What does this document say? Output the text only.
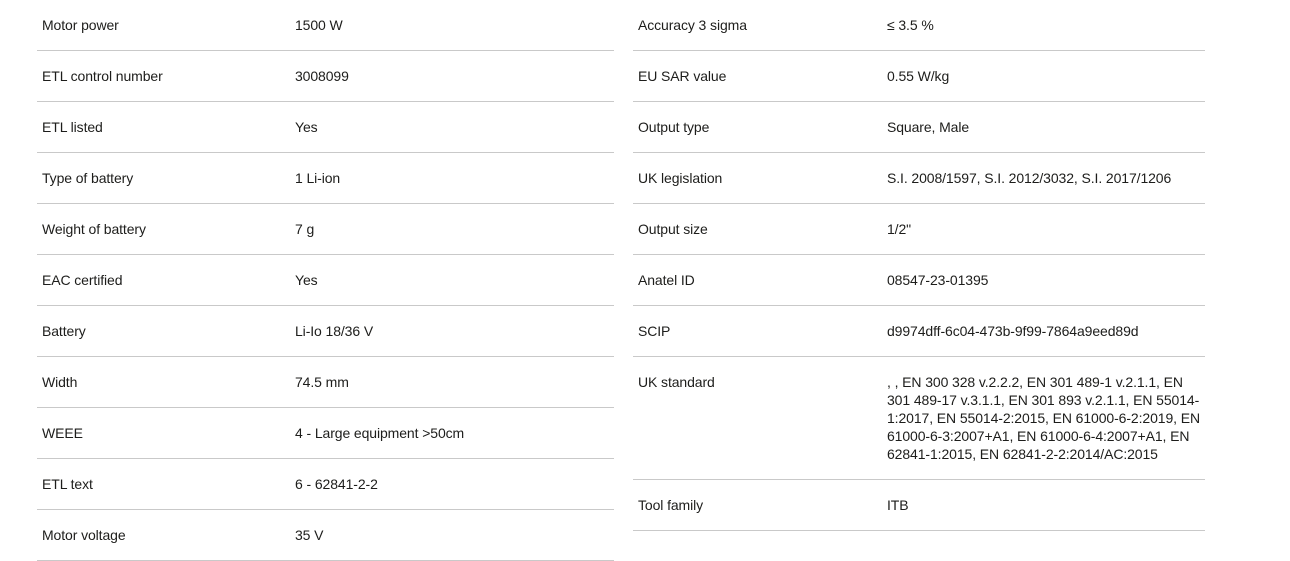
Motor power	1500 W
ETL control number	3008099
ETL listed	Yes
Type of battery	1 Li-ion
Weight of battery	7 g
EAC certified	Yes
Battery	Li-Io 18/36 V
Width	74.5 mm
WEEE	4 - Large equipment >50cm
ETL text	6 - 62841-2-2
Motor voltage	35 V
Accuracy 3 sigma	≤ 3.5 %
EU SAR value	0.55 W/kg
Output type	Square, Male
UK legislation	S.I. 2008/1597, S.I. 2012/3032, S.I. 2017/1206
Output size	1/2"
Anatel ID	08547-23-01395
SCIP	d9974dff-6c04-473b-9f99-7864a9eed89d
UK standard	, , EN 300 328 v.2.2.2, EN 301 489-1 v.2.1.1, EN 301 489-17 v.3.1.1, EN 301 893 v.2.1.1, EN 55014-1:2017, EN 55014-2:2015, EN 61000-6-2:2019, EN 61000-6-3:2007+A1, EN 61000-6-4:2007+A1, EN 62841-1:2015, EN 62841-2-2:2014/AC:2015
Tool family	ITB
